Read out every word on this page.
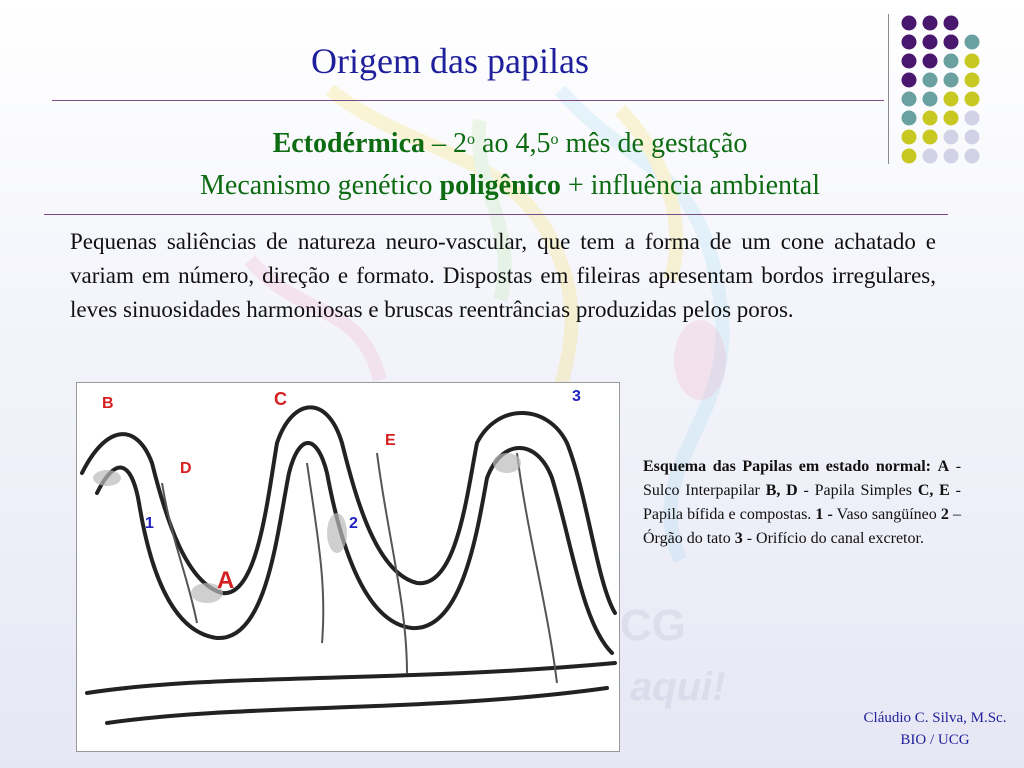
CG
aqui!
Origem das papilas
Ectodérmica – 2$^o$ ao 4,5$^o$ mês de gestação
Mecanismo genético poligênico + influência ambiental

Pequenas saliências de natureza neuro-vascular, que tem a forma de um cone achatado e variam em número, direção e formato. Dispostas em fileiras apresentam bordos irregulares, leves sinuosidades harmoniosas e bruscas reentrâncias produzidas pelos poros.

B	C
D
E
A
1	2
3

Esquema das Papilas em estado normal: A - Sulco Interpapilar B, D - Papila Simples C, E - Papila bífida e compostas. 1 - Vaso sangüíneo 2 – Órgão do tato 3 - Orifício do canal excretor.

Cláudio C. Silva, M.Sc.
BIO / UCG
